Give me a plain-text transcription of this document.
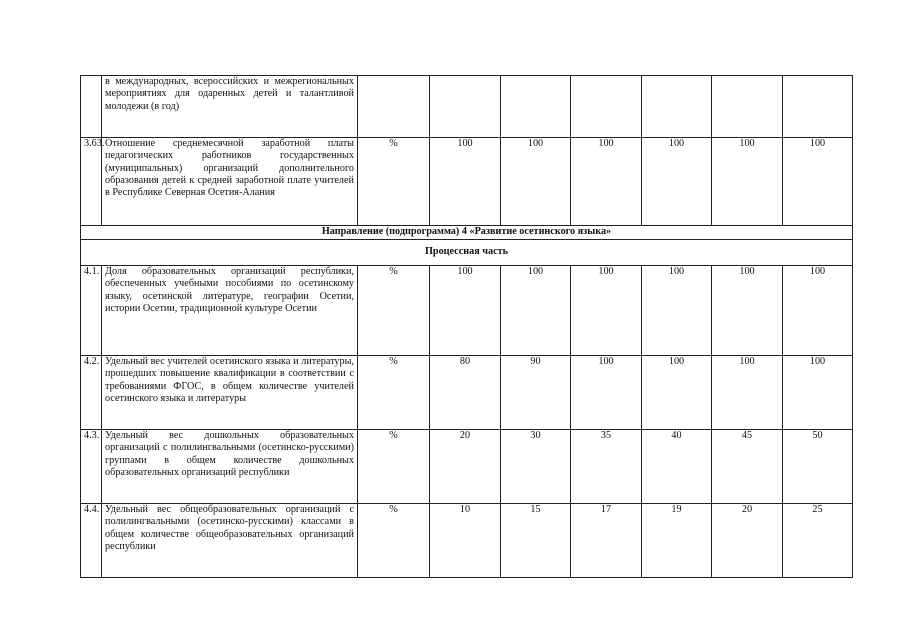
	в международных, всероссийских и межрегиональных мероприятиях для одаренных детей и талантливой молодежи (в год)							
3.63.	Отношение среднемесячной заработной платы педагогических работников государственных (муниципальных) организаций дополнительного образования детей к средней заработной плате учителей в Республике Северная Осетия-Алания	%	100	100	100	100	100	100
Направление (подпрограмма) 4 «Развитие осетинского языка»								
Процессная часть								
4.1.	Доля образовательных организаций республики, обеспеченных учебными пособиями по осетинскому языку, осетинской литературе, географии Осетии, истории Осетии, традиционной культуре Осетии	%	100	100	100	100	100	100
4.2.	Удельный вес учителей осетинского языка и литературы, прошедших повышение квалификации в соответствии с требованиями ФГОС, в общем количестве учителей осетинского языка и литературы	%	80	90	100	100	100	100
4.3.	Удельный вес дошкольных образовательных организаций с полилингвальными (осетинско-русскими) группами в общем количестве дошкольных образовательных организаций республики	%	20	30	35	40	45	50
4.4.	Удельный вес общеобразовательных организаций с полилингвальными (осетинско-русскими) классами в общем количестве общеобразовательных организаций республики	%	10	15	17	19	20	25
